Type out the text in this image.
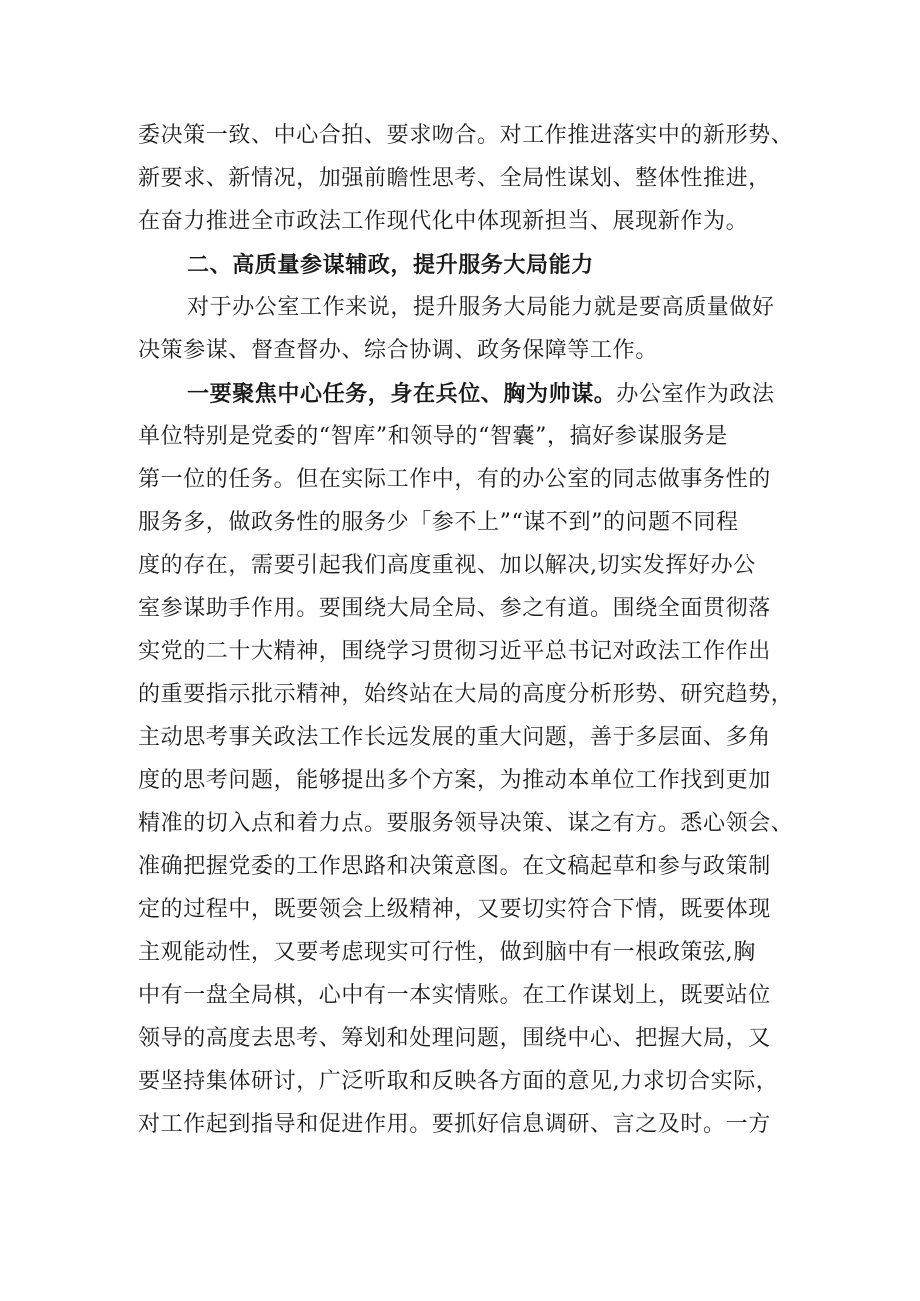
委决策一致、中心合拍、要求吻合。对工作推进落实中的新形势、
新要求、新情况，加强前瞻性思考、全局性谋划、整体性推进，
在奋力推进全市政法工作现代化中体现新担当、展现新作为。
二、高质量参谋辅政，提升服务大局能力
对于办公室工作来说，提升服务大局能力就是要高质量做好
决策参谋、督查督办、综合协调、政务保障等工作。
一要聚焦中心任务，身在兵位、胸为帅谋。办公室作为政法
单位特别是党委的“智库”和领导的“智囊”，搞好参谋服务是
第一位的任务。但在实际工作中，有的办公室的同志做事务性的
服务多，做政务性的服务少「参不上”“谋不到”的问题不同程
度的存在，需要引起我们高度重视、加以解决,切实发挥好办公
室参谋助手作用。要围绕大局全局、参之有道。围绕全面贯彻落
实党的二十大精神，围绕学习贯彻习近平总书记对政法工作作出
的重要指示批示精神，始终站在大局的高度分析形势、研究趋势，
主动思考事关政法工作长远发展的重大问题，善于多层面、多角
度的思考问题，能够提出多个方案，为推动本单位工作找到更加
精准的切入点和着力点。要服务领导决策、谋之有方。悉心领会、
准确把握党委的工作思路和决策意图。在文稿起草和参与政策制
定的过程中，既要领会上级精神，又要切实符合下情，既要体现
主观能动性，又要考虑现实可行性，做到脑中有一根政策弦,胸
中有一盘全局棋，心中有一本实情账。在工作谋划上，既要站位
领导的高度去思考、筹划和处理问题，围绕中心、把握大局，又
要坚持集体研讨，广泛听取和反映各方面的意见,力求切合实际，
对工作起到指导和促进作用。要抓好信息调研、言之及时。一方
